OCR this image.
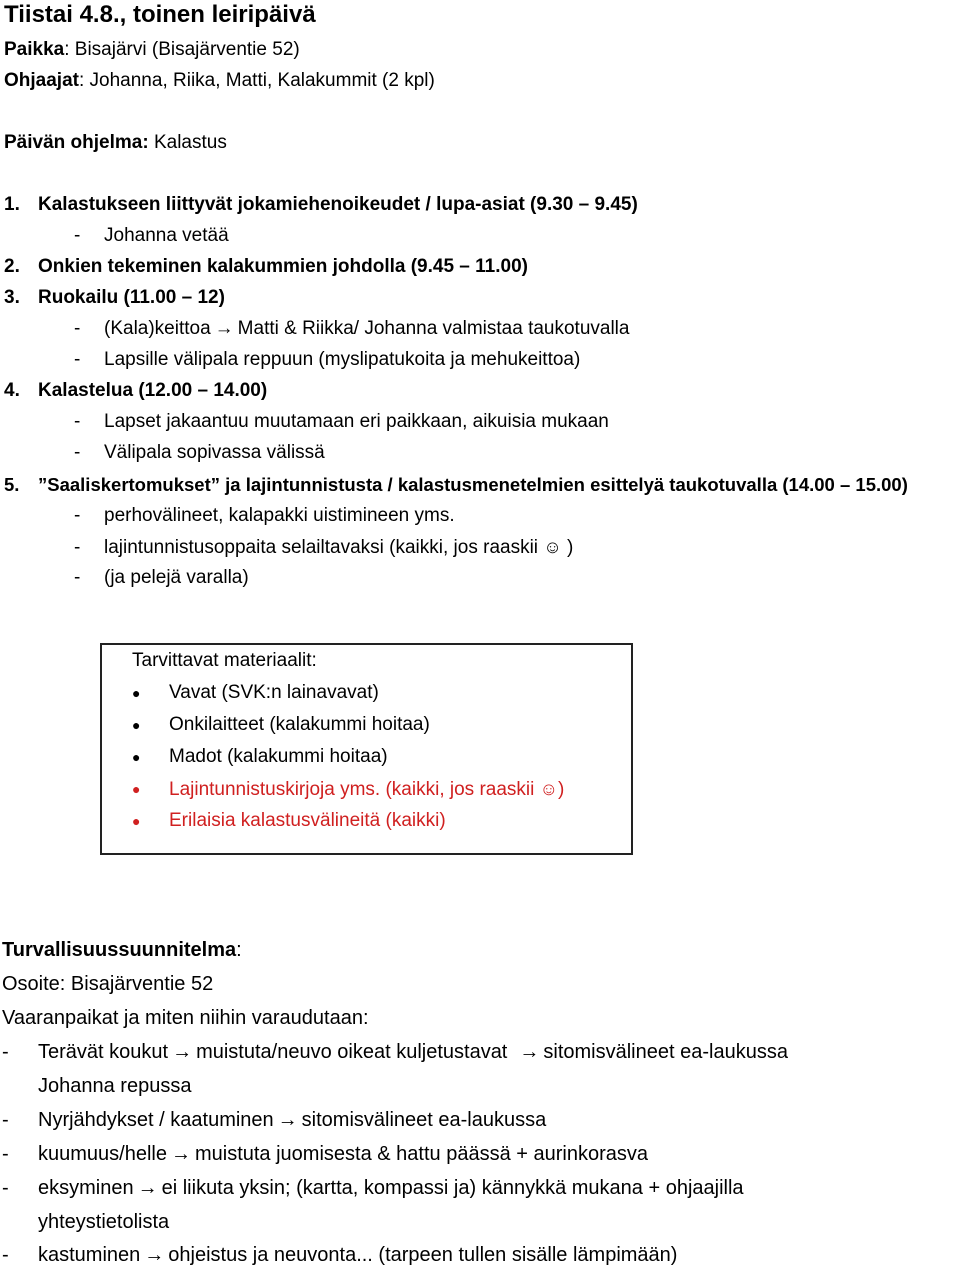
Tiistai 4.8., toinen leiripäivä
Paikka: Bisajärvi (Bisajärventie 52)
Ohjaajat: Johanna, Riika, Matti, Kalakummit (2 kpl)
Päivän ohjelma: Kalastus
1. Kalastukseen liittyvät jokamiehenoikeudet / lupa-asiat (9.30 – 9.45)
- Johanna vetää
2. Onkien tekeminen kalakummien johdolla (9.45 – 11.00)
3. Ruokailu (11.00 – 12)
- (Kala)keittoa → Matti & Riikka/ Johanna valmistaa taukotuvalla
- Lapsille välipala reppuun (myslipatukoita ja mehukeittoa)
4. Kalastelua (12.00 – 14.00)
- Lapset jakaantuu muutamaan eri paikkaan, aikuisia mukaan
- Välipala sopivassa välissä
5. ”Saaliskertomukset” ja lajintunnistusta / kalastusmenetelmien esittelyä taukotuvalla (14.00 – 15.00)
- perhovälineet, kalapakki uistimineen yms.
- lajintunnistusoppaita selailtavaksi (kaikki, jos raaskii ☺ )
- (ja pelejä varalla)
Tarvittavat materiaalit:
● Vavat (SVK:n lainavavat)
● Onkilaitteet (kalakummi hoitaa)
● Madot (kalakummi hoitaa)
● Lajintunnistuskirjoja yms. (kaikki, jos raaskii ☺)
● Erilaisia kalastusvälineitä (kaikki)
Turvallisuussuunnitelma:
Osoite: Bisajärventie 52
Vaaranpaikat ja miten niihin varaudutaan:
- Terävät koukut → muistuta/neuvo oikeat kuljetustavat → sitomisvälineet ea-laukussa
Johanna repussa
- Nyrjähdykset / kaatuminen → sitomisvälineet ea-laukussa
- kuumuus/helle → muistuta juomisesta & hattu päässä + aurinkorasva
- eksyminen → ei liikuta yksin; (kartta, kompassi ja) kännykkä mukana + ohjaajilla
yhteystietolista
- kastuminen → ohjeistus ja neuvonta... (tarpeen tullen sisälle lämpimään)
